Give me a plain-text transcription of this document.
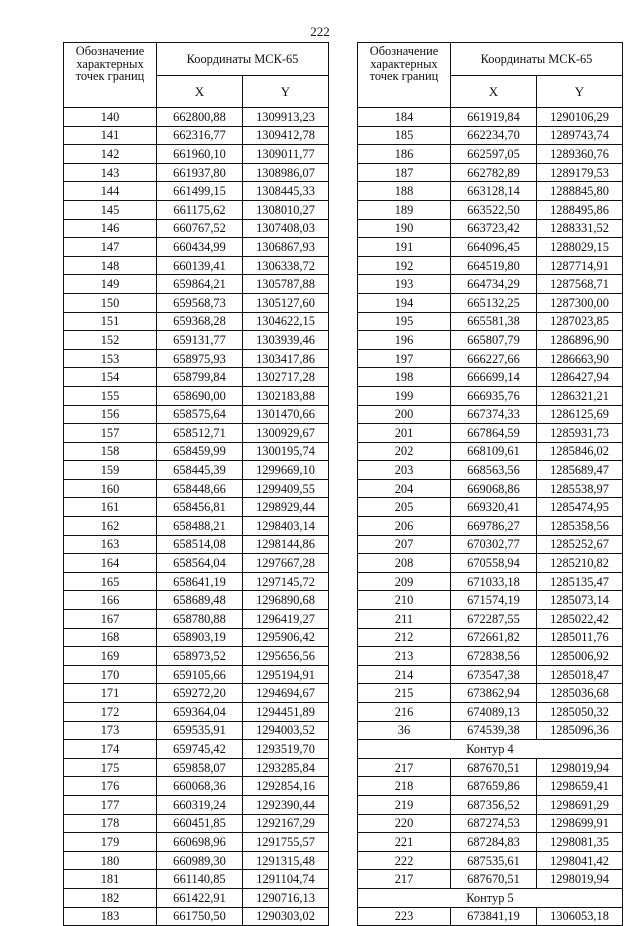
222
Обозначение характерных точек границ	Координаты МСК-65	
	X	Y
140	662800,88	1309913,23
141	662316,77	1309412,78
142	661960,10	1309011,77
143	661937,80	1308986,07
144	661499,15	1308445,33
145	661175,62	1308010,27
146	660767,52	1307408,03
147	660434,99	1306867,93
148	660139,41	1306338,72
149	659864,21	1305787,88
150	659568,73	1305127,60
151	659368,28	1304622,15
152	659131,77	1303939,46
153	658975,93	1303417,86
154	658799,84	1302717,28
155	658690,00	1302183,88
156	658575,64	1301470,66
157	658512,71	1300929,67
158	658459,99	1300195,74
159	658445,39	1299669,10
160	658448,66	1299409,55
161	658456,81	1298929,44
162	658488,21	1298403,14
163	658514,08	1298144,86
164	658564,04	1297667,28
165	658641,19	1297145,72
166	658689,48	1296890,68
167	658780,88	1296419,27
168	658903,19	1295906,42
169	658973,52	1295656,56
170	659105,66	1295194,91
171	659272,20	1294694,67
172	659364,04	1294451,89
173	659535,91	1294003,52
174	659745,42	1293519,70
175	659858,07	1293285,84
176	660068,36	1292854,16
177	660319,24	1292390,44
178	660451,85	1292167,29
179	660698,96	1291755,57
180	660989,30	1291315,48
181	661140,85	1291104,74
182	661422,91	1290716,13
183	661750,50	1290303,02
Обозначение характерных точек границ	Координаты МСК-65	
	X	Y
184	661919,84	1290106,29
185	662234,70	1289743,74
186	662597,05	1289360,76
187	662782,89	1289179,53
188	663128,14	1288845,80
189	663522,50	1288495,86
190	663723,42	1288331,52
191	664096,45	1288029,15
192	664519,80	1287714,91
193	664734,29	1287568,71
194	665132,25	1287300,00
195	665581,38	1287023,85
196	665807,79	1286896,90
197	666227,66	1286663,90
198	666699,14	1286427,94
199	666935,76	1286321,21
200	667374,33	1286125,69
201	667864,59	1285931,73
202	668109,61	1285846,02
203	668563,56	1285689,47
204	669068,86	1285538,97
205	669320,41	1285474,95
206	669786,27	1285358,56
207	670302,77	1285252,67
208	670558,94	1285210,82
209	671033,18	1285135,47
210	671574,19	1285073,14
211	672287,55	1285022,42
212	672661,82	1285011,76
213	672838,56	1285006,92
214	673547,38	1285018,47
215	673862,94	1285036,68
216	674089,13	1285050,32
36	674539,38	1285096,36
Контур 4		
217	687670,51	1298019,94
218	687659,86	1298659,41
219	687356,52	1298691,29
220	687274,53	1298699,91
221	687284,83	1298081,35
222	687535,61	1298041,42
217	687670,51	1298019,94
Контур 5		
223	673841,19	1306053,18
